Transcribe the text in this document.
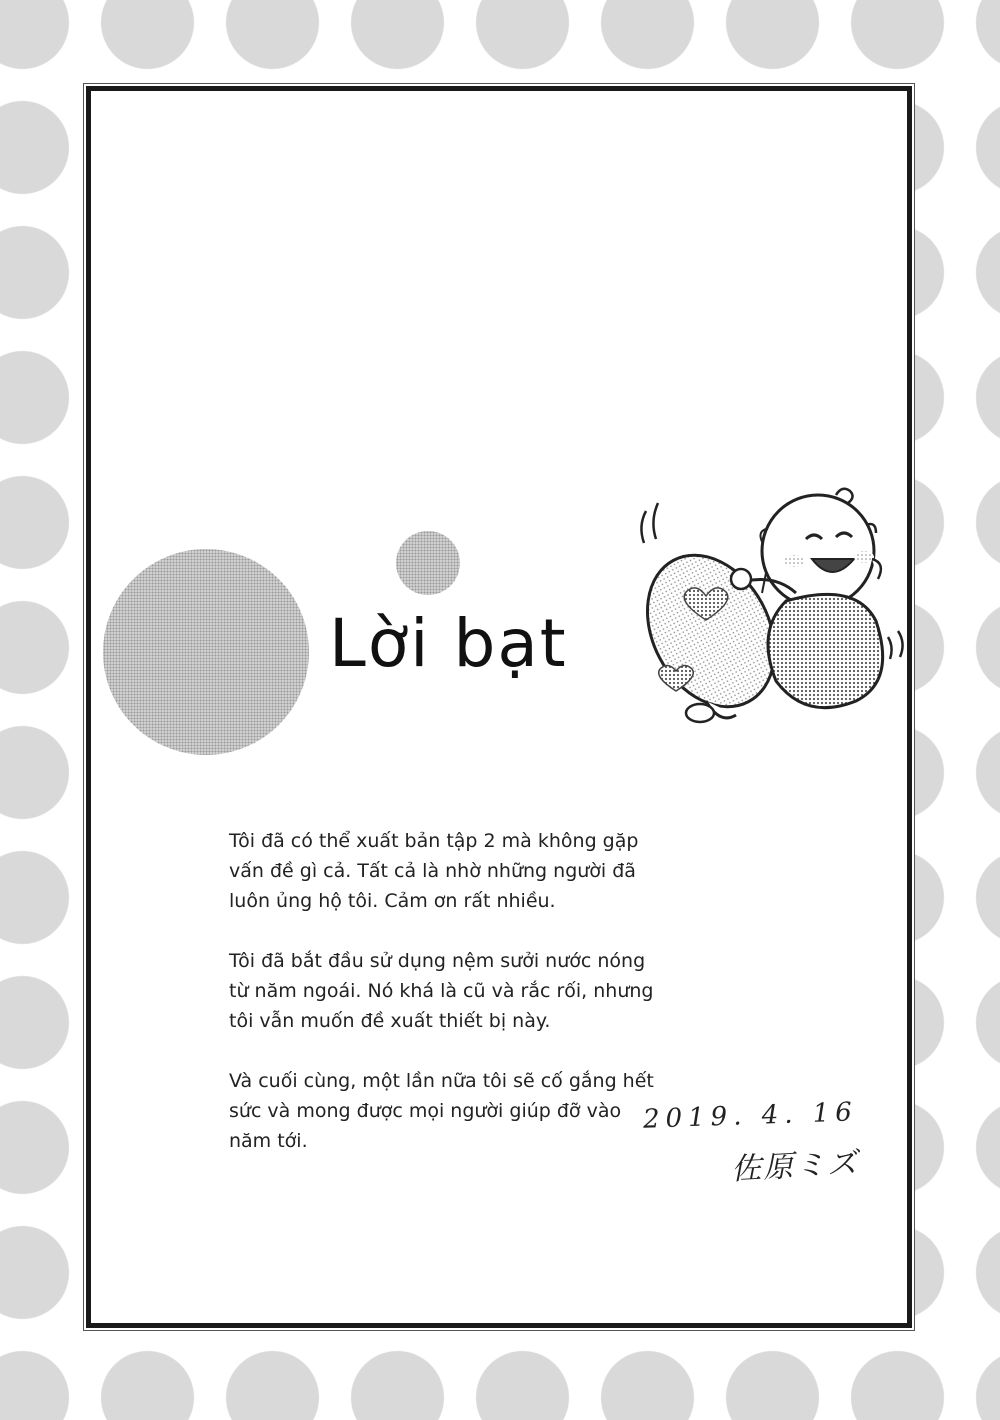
Lời bạt

Tôi đã có thể xuất bản tập 2 mà không gặp vấn đề gì cả. Tất cả là nhờ những người đã luôn ủng hộ tôi. Cảm ơn rất nhiều.

Tôi đã bắt đầu sử dụng nệm sưởi nước nóng từ năm ngoái. Nó khá là cũ và rắc rối, nhưng tôi vẫn muốn đề xuất thiết bị này.

Và cuối cùng, một lần nữa tôi sẽ cố gắng hết sức và mong được mọi người giúp đỡ vào năm tới.

2019. 4. 16
佐原ミズ
